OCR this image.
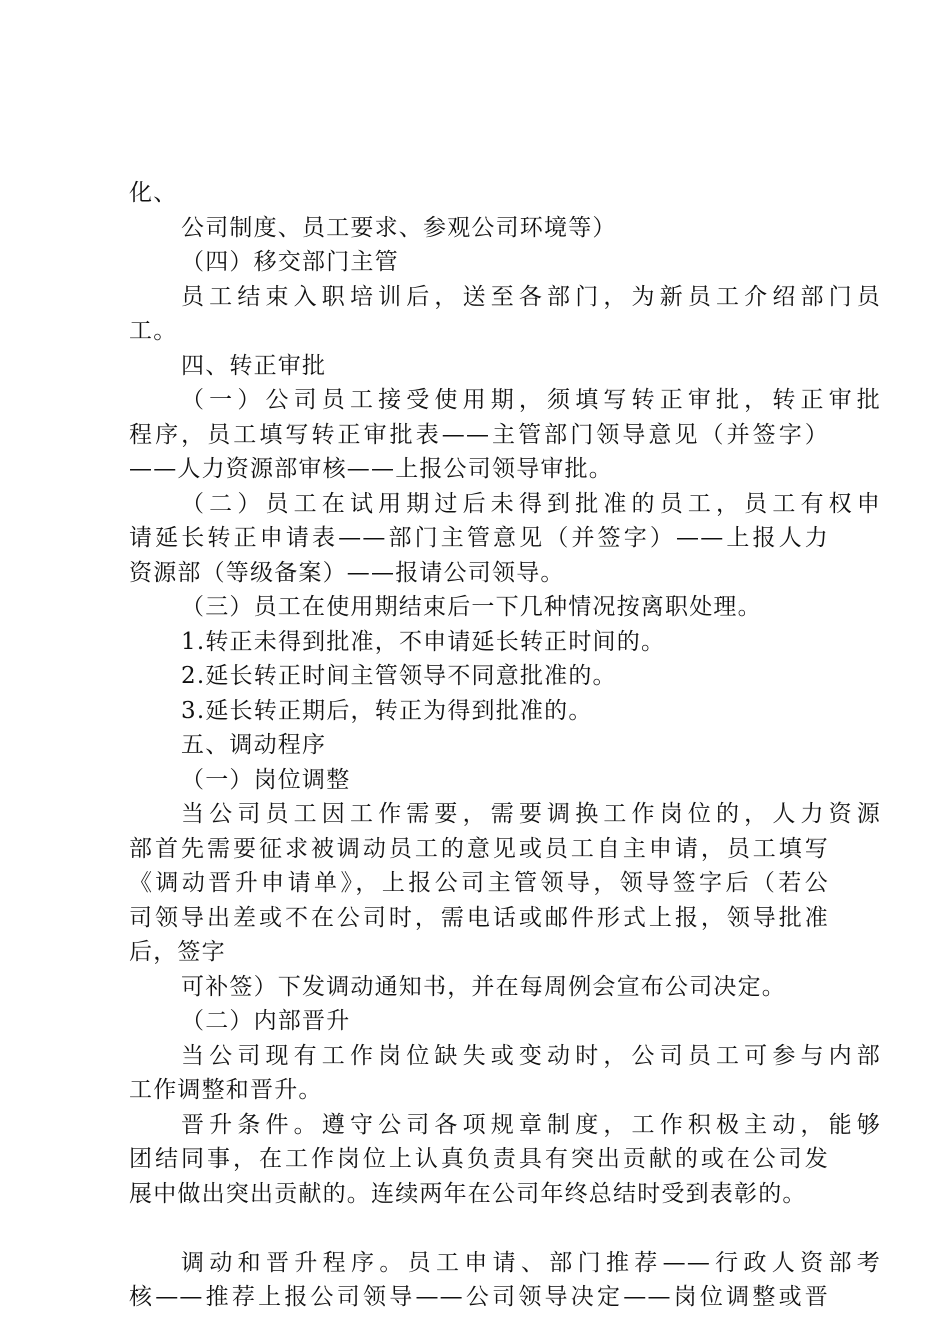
化、
公司制度、员工要求、参观公司环境等）
（四）移交部门主管
员工结束入职培训后，送至各部门，为新员工介绍部门员
工。
四、转正审批
（一）公司员工接受使用期，须填写转正审批，转正审批
程序，员工填写转正审批表——主管部门领导意见（并签字）
——人力资源部审核——上报公司领导审批。
（二）员工在试用期过后未得到批准的员工，员工有权申
请延长转正申请表——部门主管意见（并签字）——上报人力
资源部（等级备案）——报请公司领导。
（三）员工在使用期结束后一下几种情况按离职处理。
1.转正未得到批准，不申请延长转正时间的。
2.延长转正时间主管领导不同意批准的。
3.延长转正期后，转正为得到批准的。
五、调动程序
（一）岗位调整
当公司员工因工作需要，需要调换工作岗位的，人力资源
部首先需要征求被调动员工的意见或员工自主申请，员工填写
《调动晋升申请单》，上报公司主管领导，领导签字后（若公
司领导出差或不在公司时，需电话或邮件形式上报，领导批准
后，签字
可补签）下发调动通知书，并在每周例会宣布公司决定。
（二）内部晋升
当公司现有工作岗位缺失或变动时，公司员工可参与内部
工作调整和晋升。
晋升条件。遵守公司各项规章制度，工作积极主动，能够
团结同事，在工作岗位上认真负责具有突出贡献的或在公司发
展中做出突出贡献的。连续两年在公司年终总结时受到表彰的。
调动和晋升程序。员工申请、部门推荐——行政人资部考
核——推荐上报公司领导——公司领导决定——岗位调整或晋
